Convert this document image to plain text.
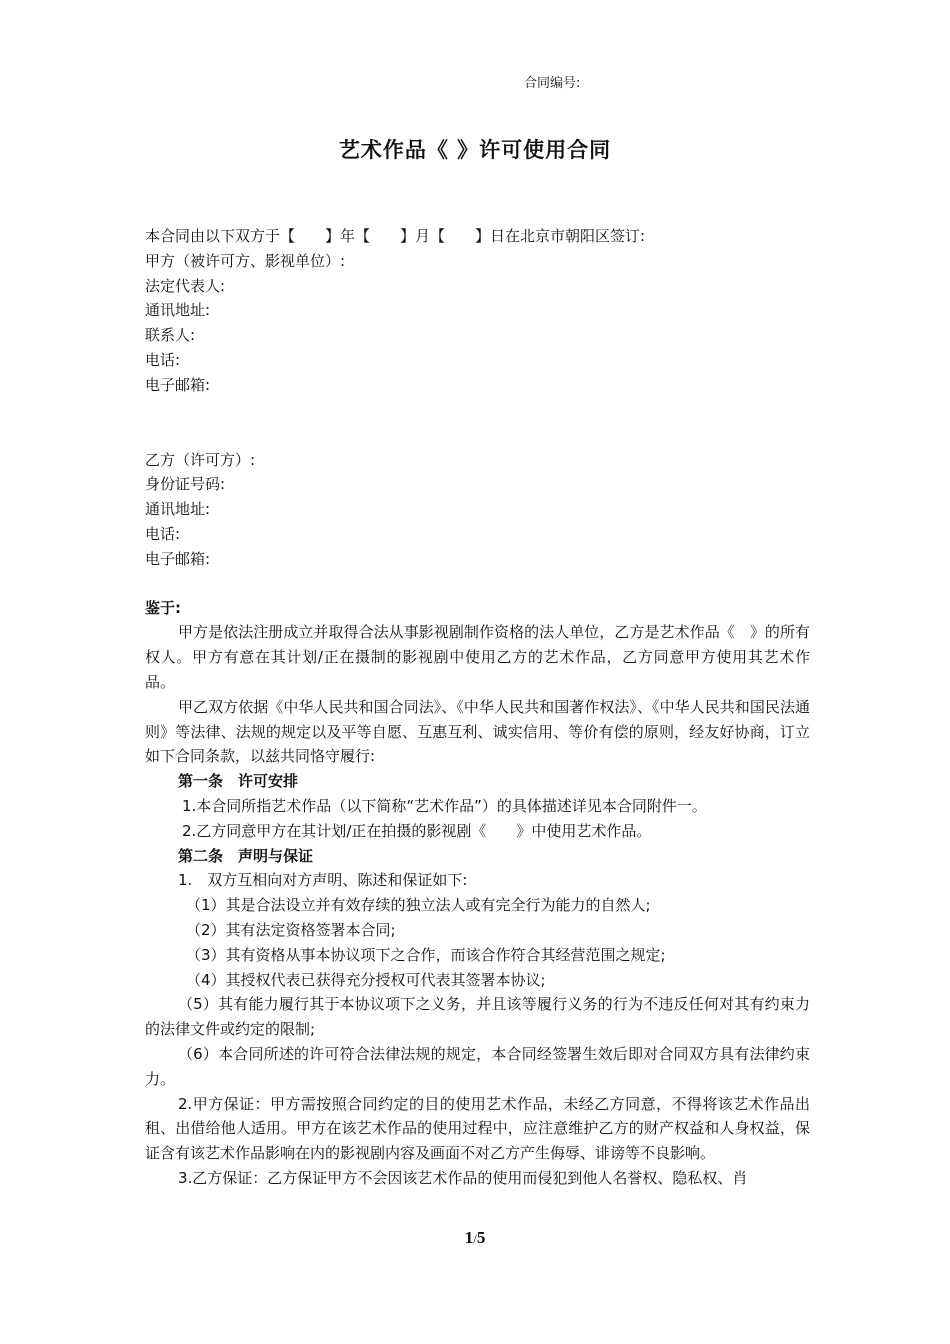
合同编号:
艺术作品《 》许可使用合同
本合同由以下双方于【　　】年【　　】月【　　】日在北京市朝阳区签订:
甲方（被许可方、影视单位）:
法定代表人:
通讯地址:
联系人:
电话:
电子邮箱:
乙方（许可方）:
身份证号码:
通讯地址:
电话:
电子邮箱:
鉴于:
甲方是依法注册成立并取得合法从事影视剧制作资格的法人单位，乙方是艺术作品《　》的所有权人。甲方有意在其计划/正在摄制的影视剧中使用乙方的艺术作品，乙方同意甲方使用其艺术作品。
甲乙双方依据《中华人民共和国合同法》、《中华人民共和国著作权法》、《中华人民共和国民法通则》等法律、法规的规定以及平等自愿、互惠互利、诚实信用、等价有偿的原则，经友好协商，订立如下合同条款，以兹共同恪守履行:
第一条　许可安排
1.本合同所指艺术作品（以下简称“艺术作品”）的具体描述详见本合同附件一。
2.乙方同意甲方在其计划/正在拍摄的影视剧《　　》中使用艺术作品。
第二条　声明与保证
1.　双方互相向对方声明、陈述和保证如下:
（1）其是合法设立并有效存续的独立法人或有完全行为能力的自然人;
（2）其有法定资格签署本合同;
（3）其有资格从事本协议项下之合作，而该合作符合其经营范围之规定;
（4）其授权代表已获得充分授权可代表其签署本协议;
（5）其有能力履行其于本协议项下之义务，并且该等履行义务的行为不违反任何对其有约束力的法律文件或约定的限制;
（6）本合同所述的许可符合法律法规的规定，本合同经签署生效后即对合同双方具有法律约束力。
2.甲方保证：甲方需按照合同约定的目的使用艺术作品，未经乙方同意，不得将该艺术作品出租、出借给他人适用。甲方在该艺术作品的使用过程中，应注意维护乙方的财产权益和人身权益，保证含有该艺术作品影响在内的影视剧内容及画面不对乙方产生侮辱、诽谤等不良影响。
3.乙方保证：乙方保证甲方不会因该艺术作品的使用而侵犯到他人名誉权、隐私权、肖
1/5
